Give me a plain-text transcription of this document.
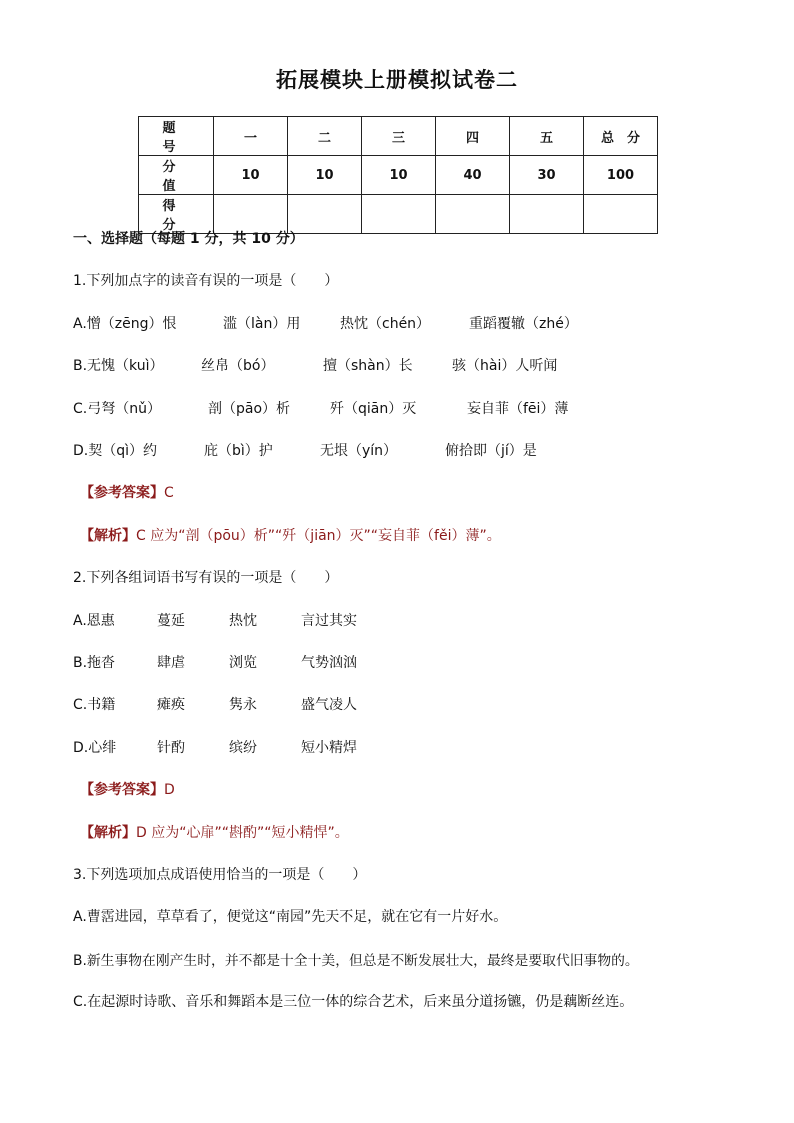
拓展模块上册模拟试卷二
题　号	一	二	三	四	五	总　分
分　值	10	10	10	40	30	100
得　分						
一、选择题（每题 1 分，共 10 分）
1.下列加点字的读音有误的一项是（　　）
A.憎（zēng）恨	滥（làn）用	热忱（chén）	重蹈覆辙（zhé）
B.无愧（kuì）	丝帛（bó）	擅（shàn）长	骇（hài）人听闻
C.弓弩（nǔ）	剖（pāo）析	歼（qiān）灭	妄自菲（fēi）薄
D.契（qì）约	庇（bì）护	无垠（yín）	俯拾即（jí）是
【参考答案】C
【解析】C 应为“剖（pōu）析”“歼（jiān）灭”“妄自菲（fěi）薄”。
2.下列各组词语书写有误的一项是（　　）
A.恩惠	蔓延	热忱	言过其实
B.拖沓	肆虐	浏览	气势汹汹
C.书籍	瘫痪	隽永	盛气凌人
D.心绯	针酌	缤纷	短小精焊
【参考答案】D
【解析】D 应为“心扉”“斟酌”“短小精悍”。
3.下列选项加点成语使用恰当的一项是（　　）
A.曹霑进园，草草看了，便觉这“南园”先天不足，就在它有一片好水。
B.新生事物在刚产生时，并不都是十全十美，但总是不断发展壮大，最终是要取代旧事物的。
C.在起源时诗歌、音乐和舞蹈本是三位一体的综合艺术，后来虽分道扬镳，仍是藕断丝连。
